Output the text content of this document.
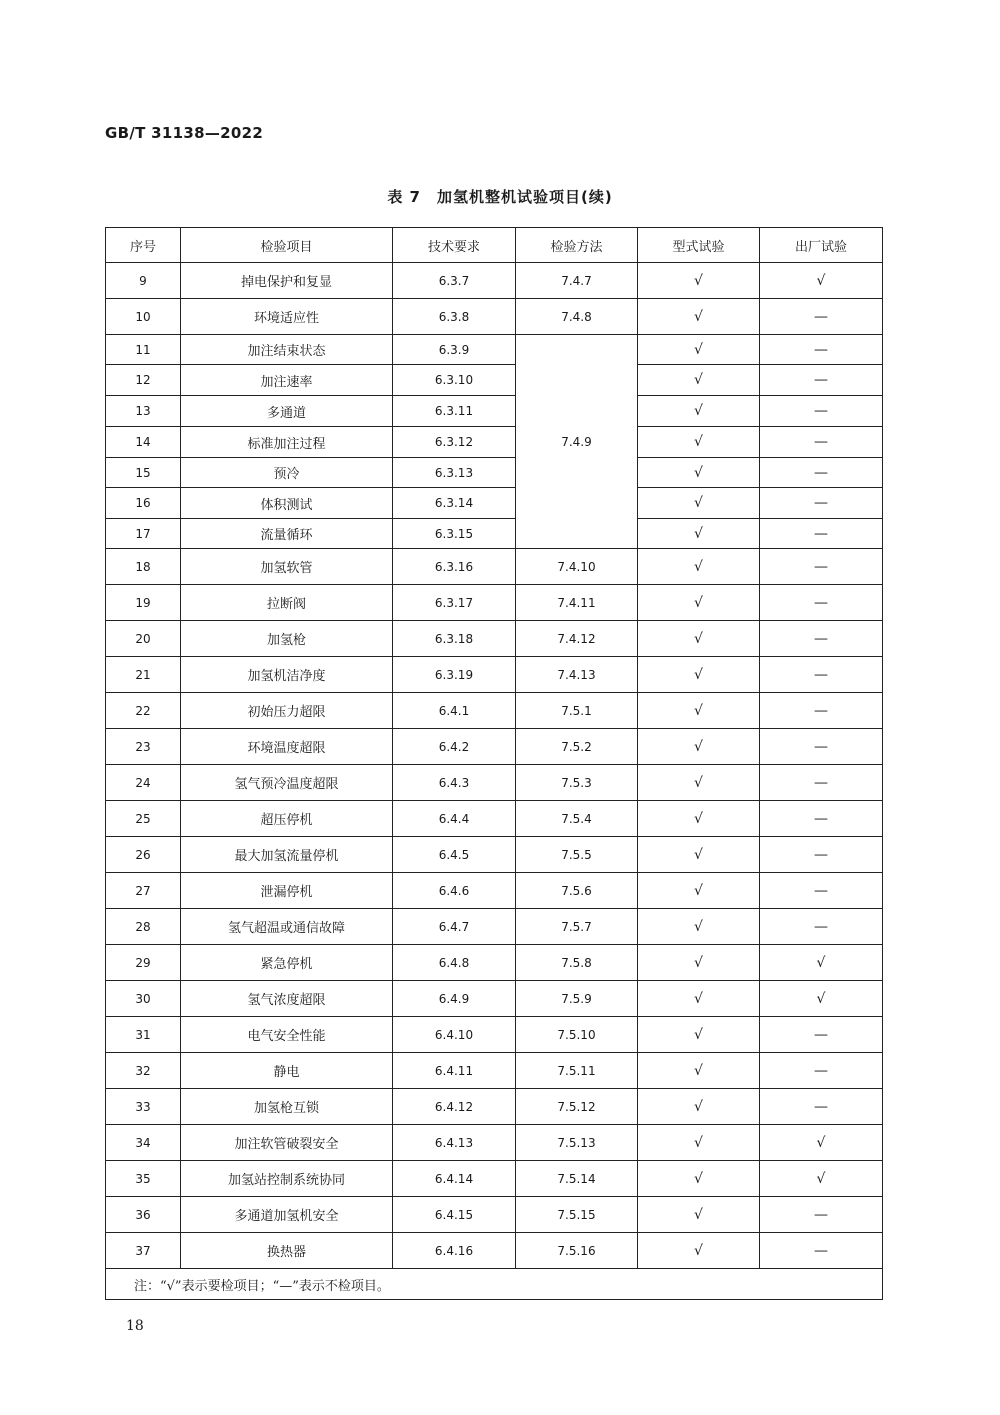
GB/T 31138—2022
表 7　加氢机整机试验项目(续)
序号	检验项目	技术要求	检验方法	型式试验	出厂试验
9	掉电保护和复显	6.3.7	7.4.7	√	√
10	环境适应性	6.3.8	7.4.8	√	—
11	加注结束状态	6.3.9	7.4.9	√	—
12	加注速率	6.3.10		√	—
13	多通道	6.3.11		√	—
14	标准加注过程	6.3.12		√	—
15	预冷	6.3.13		√	—
16	体积测试	6.3.14		√	—
17	流量循环	6.3.15		√	—
18	加氢软管	6.3.16	7.4.10	√	—
19	拉断阀	6.3.17	7.4.11	√	—
20	加氢枪	6.3.18	7.4.12	√	—
21	加氢机洁净度	6.3.19	7.4.13	√	—
22	初始压力超限	6.4.1	7.5.1	√	—
23	环境温度超限	6.4.2	7.5.2	√	—
24	氢气预冷温度超限	6.4.3	7.5.3	√	—
25	超压停机	6.4.4	7.5.4	√	—
26	最大加氢流量停机	6.4.5	7.5.5	√	—
27	泄漏停机	6.4.6	7.5.6	√	—
28	氢气超温或通信故障	6.4.7	7.5.7	√	—
29	紧急停机	6.4.8	7.5.8	√	√
30	氢气浓度超限	6.4.9	7.5.9	√	√
31	电气安全性能	6.4.10	7.5.10	√	—
32	静电	6.4.11	7.5.11	√	—
33	加氢枪互锁	6.4.12	7.5.12	√	—
34	加注软管破裂安全	6.4.13	7.5.13	√	√
35	加氢站控制系统协同	6.4.14	7.5.14	√	√
36	多通道加氢机安全	6.4.15	7.5.15	√	—
37	换热器	6.4.16	7.5.16	√	—
注：“√”表示要检项目；“—”表示不检项目。					
18
